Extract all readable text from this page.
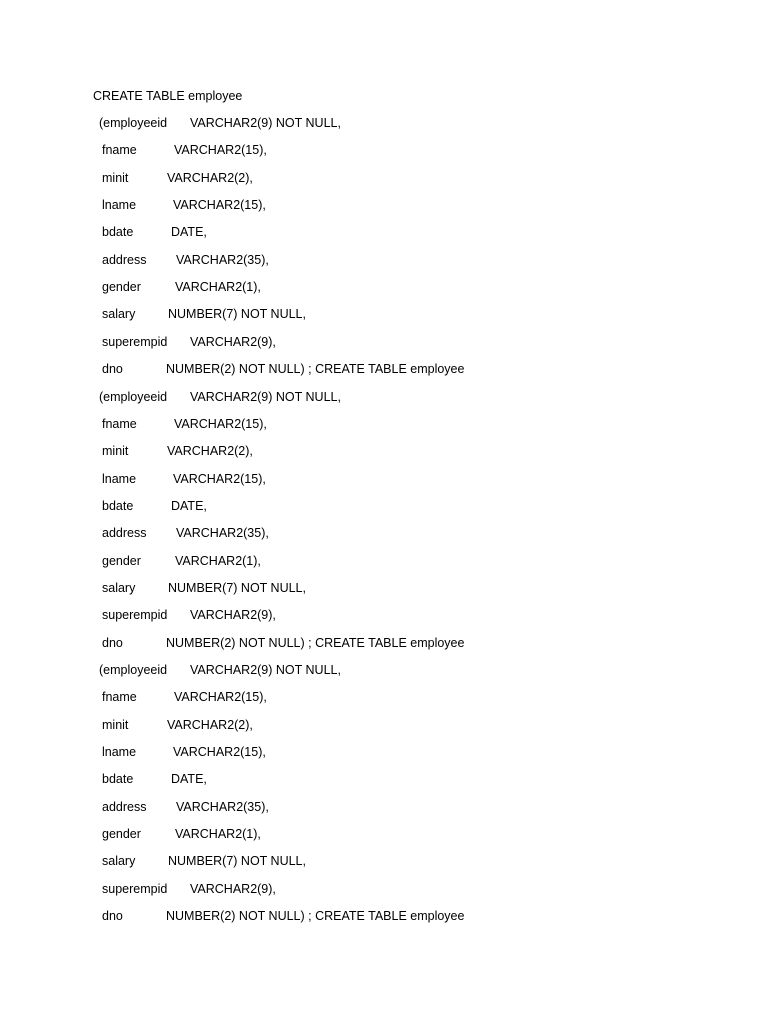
CREATE TABLE employee
(employeeid VARCHAR2(9) NOT NULL,
fname	VARCHAR2(15),
minit	VARCHAR2(2),
lname	VARCHAR2(15),
bdate	DATE,
address VARCHAR2(35),
gender	VARCHAR2(1),
salary	NUMBER(7) NOT NULL,
superempid VARCHAR2(9),
dno	NUMBER(2) NOT NULL) ; CREATE TABLE employee
(employeeid VARCHAR2(9) NOT NULL,
fname	VARCHAR2(15),
minit	VARCHAR2(2),
lname	VARCHAR2(15),
bdate	DATE,
address VARCHAR2(35),
gender	VARCHAR2(1),
salary	NUMBER(7) NOT NULL,
superempid VARCHAR2(9),
dno	NUMBER(2) NOT NULL) ; CREATE TABLE employee
(employeeid VARCHAR2(9) NOT NULL,
fname	VARCHAR2(15),
minit	VARCHAR2(2),
lname	VARCHAR2(15),
bdate	DATE,
address VARCHAR2(35),
gender	VARCHAR2(1),
salary	NUMBER(7) NOT NULL,
superempid VARCHAR2(9),
dno	NUMBER(2) NOT NULL) ; CREATE TABLE employee
